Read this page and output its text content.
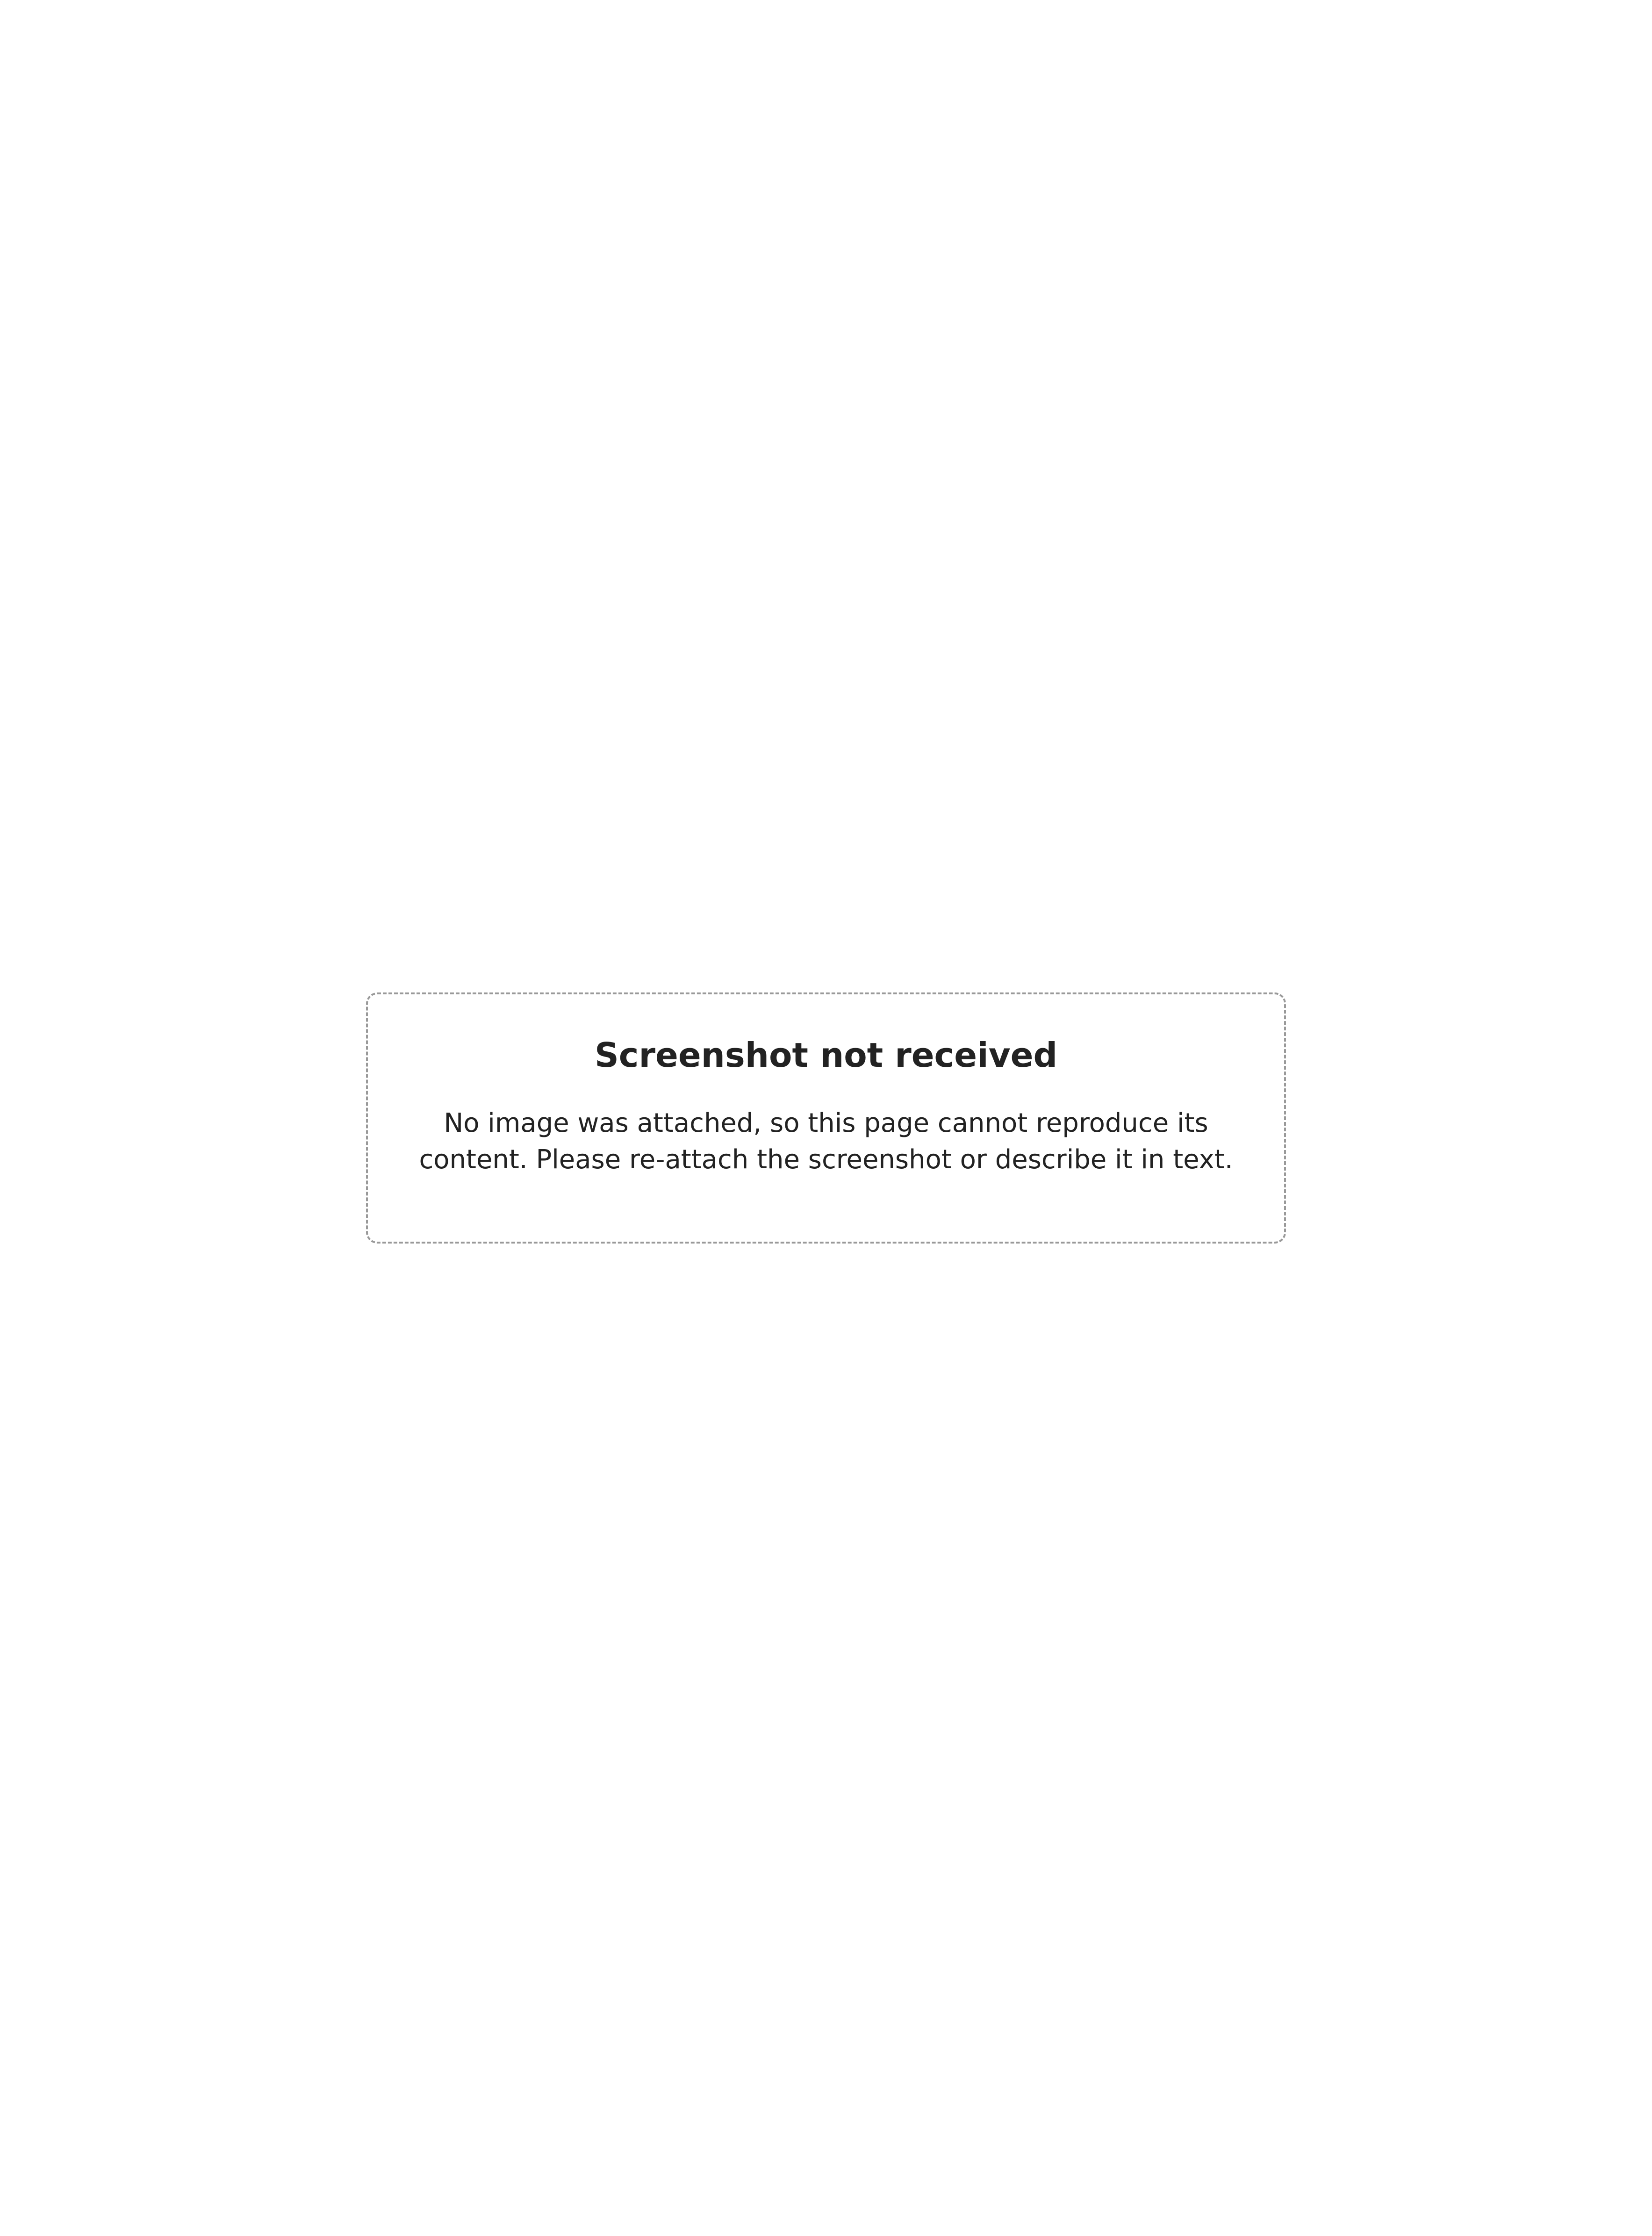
Screenshot not received

No image was attached, so this page cannot reproduce its content. Please re-attach the screenshot or describe it in text.
